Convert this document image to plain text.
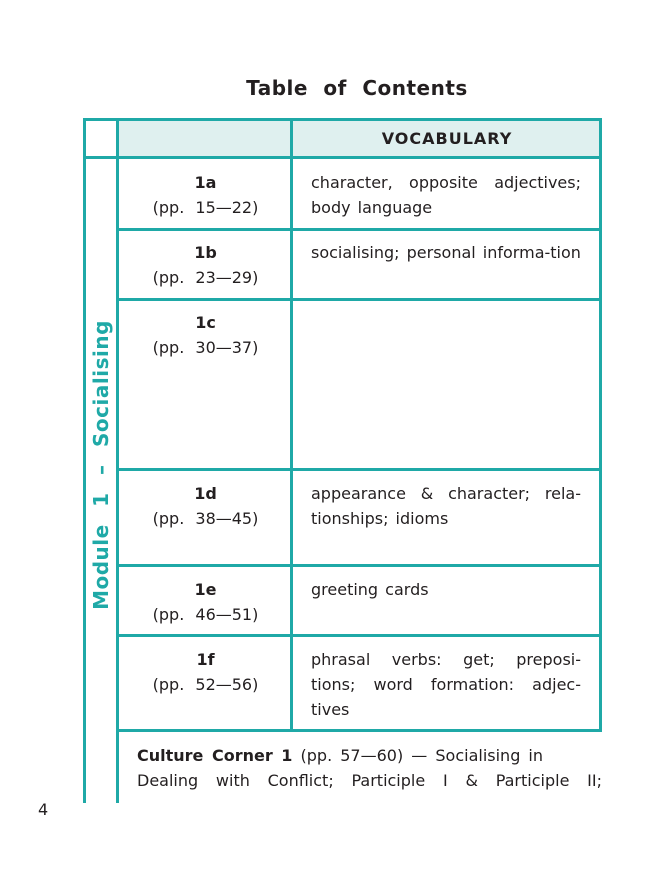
Table of Contents
VOCABULARY
Module 1 – Socialising
1a
(pp. 15—22)
character, opposite adjectives; body language
1b
(pp. 23—29)
socialising; personal informa-tion
1c
(pp. 30—37)
1d
(pp. 38—45)
appearance & character; rela-tionships; idioms
1e
(pp. 46—51)
greeting cards
1f
(pp. 52—56)
phrasal verbs: get; preposi-tions; word formation: adjec-tives
Culture Corner 1 (pp. 57—60) — Socialising in
Dealing with Conflict; Participle I & Participle II;
4
